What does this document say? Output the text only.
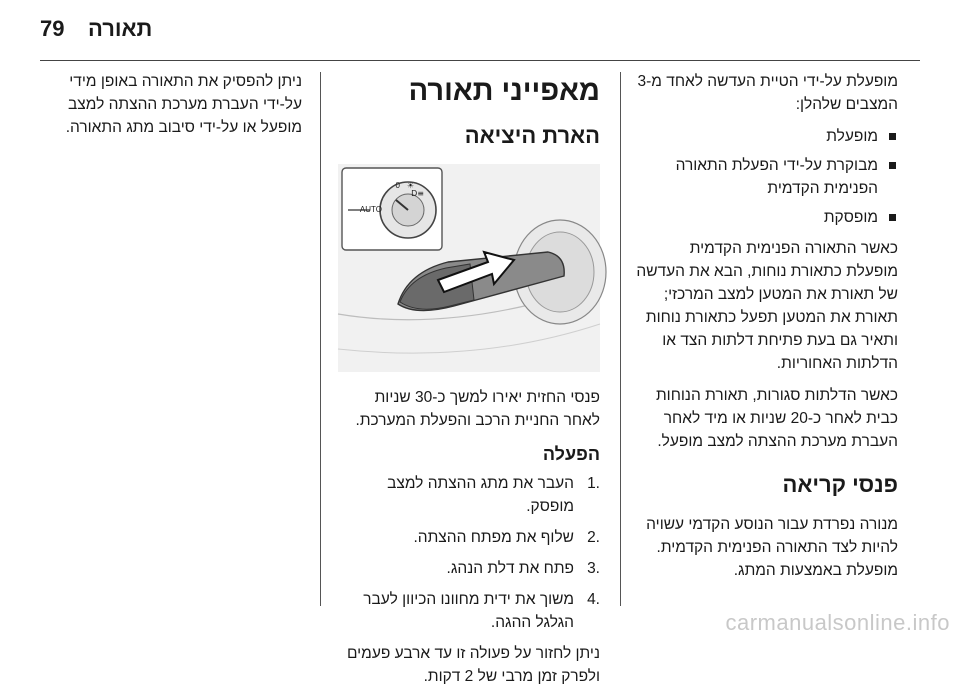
79 תאורה

מופעלת על-ידי הטיית העדשה לאחד מ-3 המצבים שלהלן:

מופעלת
מבוקרת על-ידי הפעלת התאורה הפנימית הקדמית
מופסקת

כאשר התאורה הפנימית הקדמית מופעלת כתאורת נוחות, הבא את העדשה של תאורת את המטען למצב המרכזי; תאורת את המטען תפעל כתאורת נוחות ותאיר גם בעת פתיחת דלתות הצד או הדלתות האחוריות.

כאשר הדלתות סגורות, תאורת הנוחות כבית לאחר כ-20 שניות או מיד לאחר העברת מערכת ההצתה למצב מופעל.

פנסי קריאה

מנורה נפרדת עבור הנוסע הקדמי עשויה להיות לצד התאורה הפנימית הקדמית. מופעלת באמצעות המתג.

מאפייני תאורה
הארת היציאה
AUTO
0 ☀
≡D

פנסי החזית יאירו למשך כ-30 שניות לאחר החניית הרכב והפעלת המערכת.

הפעלה
1.
העבר את מתג ההצתה למצב מופסק.
2.
שלוף את מפתח ההצתה.
3.
פתח את דלת הנהג.
4.
משוך את ידית מחוונו הכיוון לעבר הגלגל ההגה.

ניתן לחזור על פעולה זו עד ארבע פעמים ולפרק זמן מרבי של 2 דקות.

ניתן להפסיק את התאורה באופן מידי על-ידי העברת מערכת ההצתה למצב מופעל או על-ידי סיבוב מתג התאורה.

carmanualsonline.info
